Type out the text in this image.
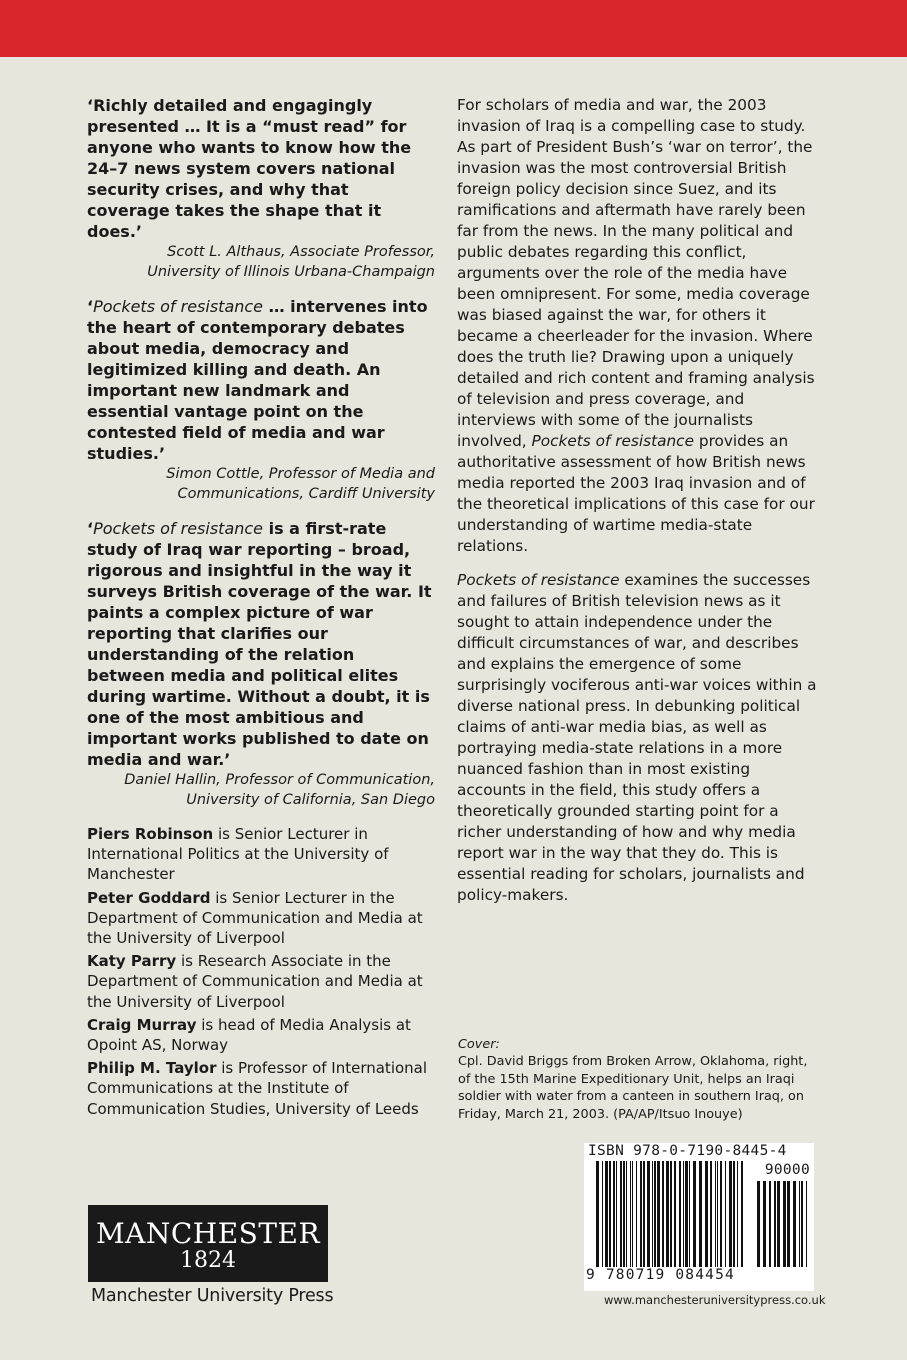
‘Richly detailed and engagingly presented … It is a “must read” for anyone who wants to know how the 24–7 news system covers national security crises, and why that coverage takes the shape that it does.’

Scott L. Althaus, Associate Professor,

University of Illinois Urbana-Champaign

‘Pockets of resistance … intervenes into the heart of contemporary debates about media, democracy and legitimized killing and death. An important new landmark and essential vantage point on the contested field of media and war studies.’

Simon Cottle, Professor of Media and

Communications, Cardiff University

‘Pockets of resistance is a first-rate study of Iraq war reporting – broad, rigorous and insightful in the way it surveys British coverage of the war. It paints a complex picture of war reporting that clarifies our understanding of the relation between media and political elites during wartime. Without a doubt, it is one of the most ambitious and important works published to date on media and war.’

Daniel Hallin, Professor of Communication,

University of California, San Diego

For scholars of media and war, the 2003 invasion of Iraq is a compelling case to study. As part of President Bush’s ‘war on terror’, the invasion was the most controversial British foreign policy decision since Suez, and its ramifications and aftermath have rarely been far from the news. In the many political and public debates regarding this conflict, arguments over the role of the media have been omnipresent. For some, media coverage was biased against the war, for others it became a cheerleader for the invasion. Where does the truth lie? Drawing upon a uniquely detailed and rich content and framing analysis of television and press coverage, and interviews with some of the journalists involved, Pockets of resistance provides an authoritative assessment of how British news media reported the 2003 Iraq invasion and of the theoretical implications of this case for our understanding of wartime media-state relations.

Pockets of resistance examines the successes and failures of British television news as it sought to attain independence under the difficult circumstances of war, and describes and explains the emergence of some surprisingly vociferous anti-war voices within a diverse national press. In debunking political claims of anti-war media bias, as well as portraying media-state relations in a more nuanced fashion than in most existing accounts in the field, this study offers a theoretically grounded starting point for a richer understanding of how and why media report war in the way that they do. This is essential reading for scholars, journalists and policy-makers.

Piers Robinson is Senior Lecturer in International Politics at the University of Manchester

Peter Goddard is Senior Lecturer in the Department of Communication and Media at the University of Liverpool

Katy Parry is Research Associate in the Department of Communication and Media at the University of Liverpool

Craig Murray is head of Media Analysis at Opoint AS, Norway

Philip M. Taylor is Professor of International Communications at the Institute of Communication Studies, University of Leeds

Cover:
Cpl. David Briggs from Broken Arrow, Oklahoma, right, of the 15th Marine Expeditionary Unit, helps an Iraqi soldier with water from a canteen in southern Iraq, on Friday, March 21, 2003. (PA/AP/Itsuo Inouye)
ISBN 978-0-7190-8445-4
90000
9 780719 084454
www.manchesteruniversitypress.co.uk
MANCHESTER
1824
Manchester University Press
